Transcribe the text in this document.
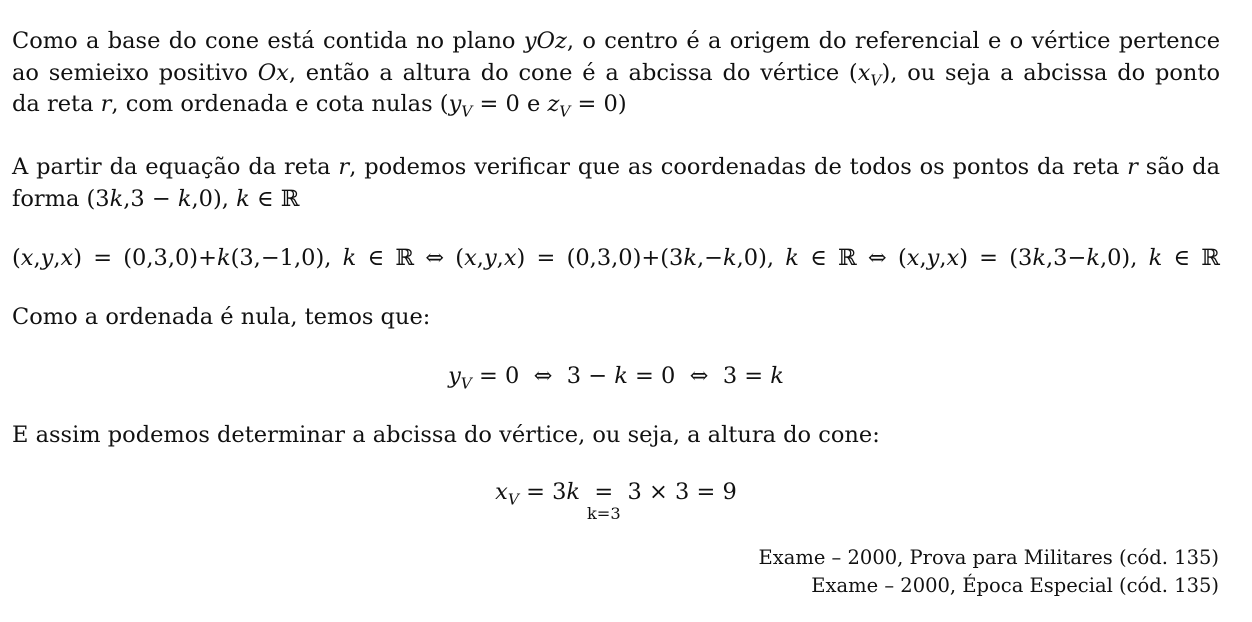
Como a base do cone está contida no plano yOz, o centro é a origem do referencial e o vértice pertence
ao semieixo positivo Ox, então a altura do cone é a abcissa do vértice $(x_V)$, ou seja a abcissa do ponto
da reta r, com ordenada e cota nulas ($y_V = 0$ e $z_V = 0$)
A partir da equação da reta r, podemos verificar que as coordenadas de todos os pontos da reta r são da
forma (3k,3 − k,0), k ∈ ℝ
(x,y,x) = (0,3,0)+k(3,−1,0), k ∈ ℝ ⇔ (x,y,x) = (0,3,0)+(3k,−k,0), k ∈ ℝ ⇔ (x,y,x) = (3k,3−k,0), k ∈ ℝ
Como a ordenada é nula, temos que:
$y_V = 0$  ⇔  3 − k = 0  ⇔  3 = k
E assim podemos determinar a abcissa do vértice, ou seja, a altura do cone:
$x_V = 3k$  =
k=3
3 × 3 = 9
Exame – 2000, Prova para Militares (cód. 135)
Exame – 2000, Época Especial (cód. 135)
